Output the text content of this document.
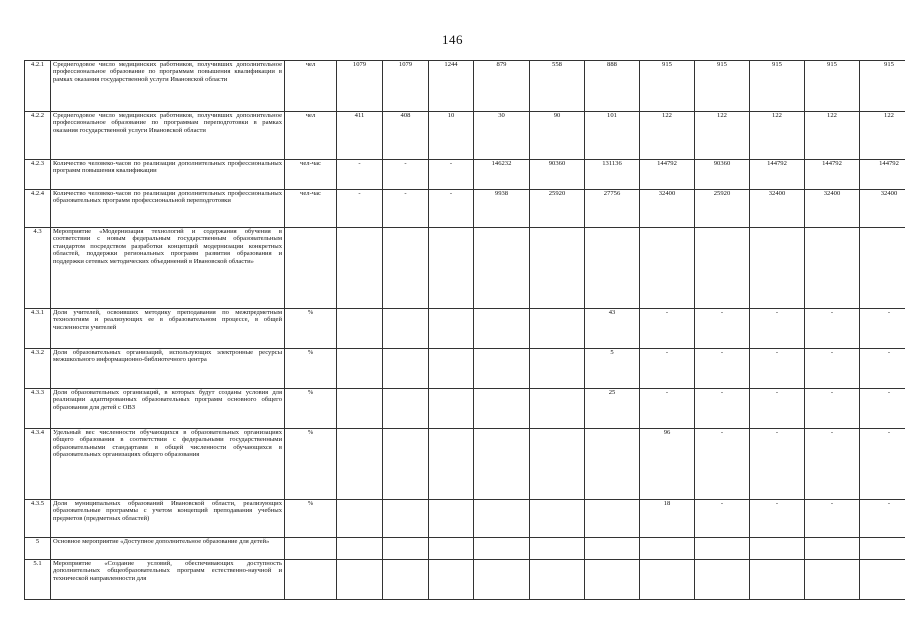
146
4.2.1	Среднегодовое число медицинских работников, получивших дополнительное профессиональное образование по программам повышения квалификации в рамках оказания государственной услуги Ивановской области	чел	1079	1079	1244	879	558	888	915	915	915	915	915
4.2.2	Среднегодовое число медицинских работников, получивших дополнительное профессиональное образование по программам переподготовки в рамках оказания государственной услуги Ивановской области	чел	411	408	10	30	90	101	122	122	122	122	122
4.2.3	Количество человеко-часов по реализации дополнительных профессиональных программ повышения квалификации	чел-час	-	-	-	146232	90360	131136	144792	90360	144792	144792	144792
4.2.4	Количество человеко-часов по реализации дополнительных профессиональных образовательных программ профессиональной переподготовки	чел-час	-	-	-	9938	25920	27756	32400	25920	32400	32400	32400
4.3	Мероприятие «Модернизация технологий и содержания обучения в соответствии с новым федеральным государственным образовательным стандартом посредством разработки концепций модернизации конкретных областей, поддержки региональных программ развития образования и поддержки сетевых методических объединений в Ивановской области»												
4.3.1	Доля учителей, освоивших методику преподавания по межпредметным технологиям и реализующих ее в образовательном процессе, в общей численности учителей	%						43	-	-	-	-	-
4.3.2	Доля образовательных организаций, использующих электронные ресурсы межшкольного информационно-библиотечного центра	%						5	-	-	-	-	-
4.3.3	Доля образовательных организаций, в которых будут созданы условия для реализации адаптированных образовательных программ основного общего образования для детей с ОВЗ	%						25	-	-	-	-	-
4.3.4	Удельный вес численности обучающихся в образовательных организациях общего образования в соответствии с федеральными государственными образовательными стандартами в общей численности обучающихся в образовательных организациях общего образования	%							96	-	-	-	-
4.3.5	Доля муниципальных образований Ивановской области, реализующих образовательные программы с учетом концепций преподавания учебных предметов (предметных областей)	%							18	-	-	-	-
5	Основное мероприятие «Доступное дополнительное образование для детей»												
5.1	Мероприятие «Создание условий, обеспечивающих доступность дополнительных общеобразовательных программ естественно-научной и технической направленности для												
